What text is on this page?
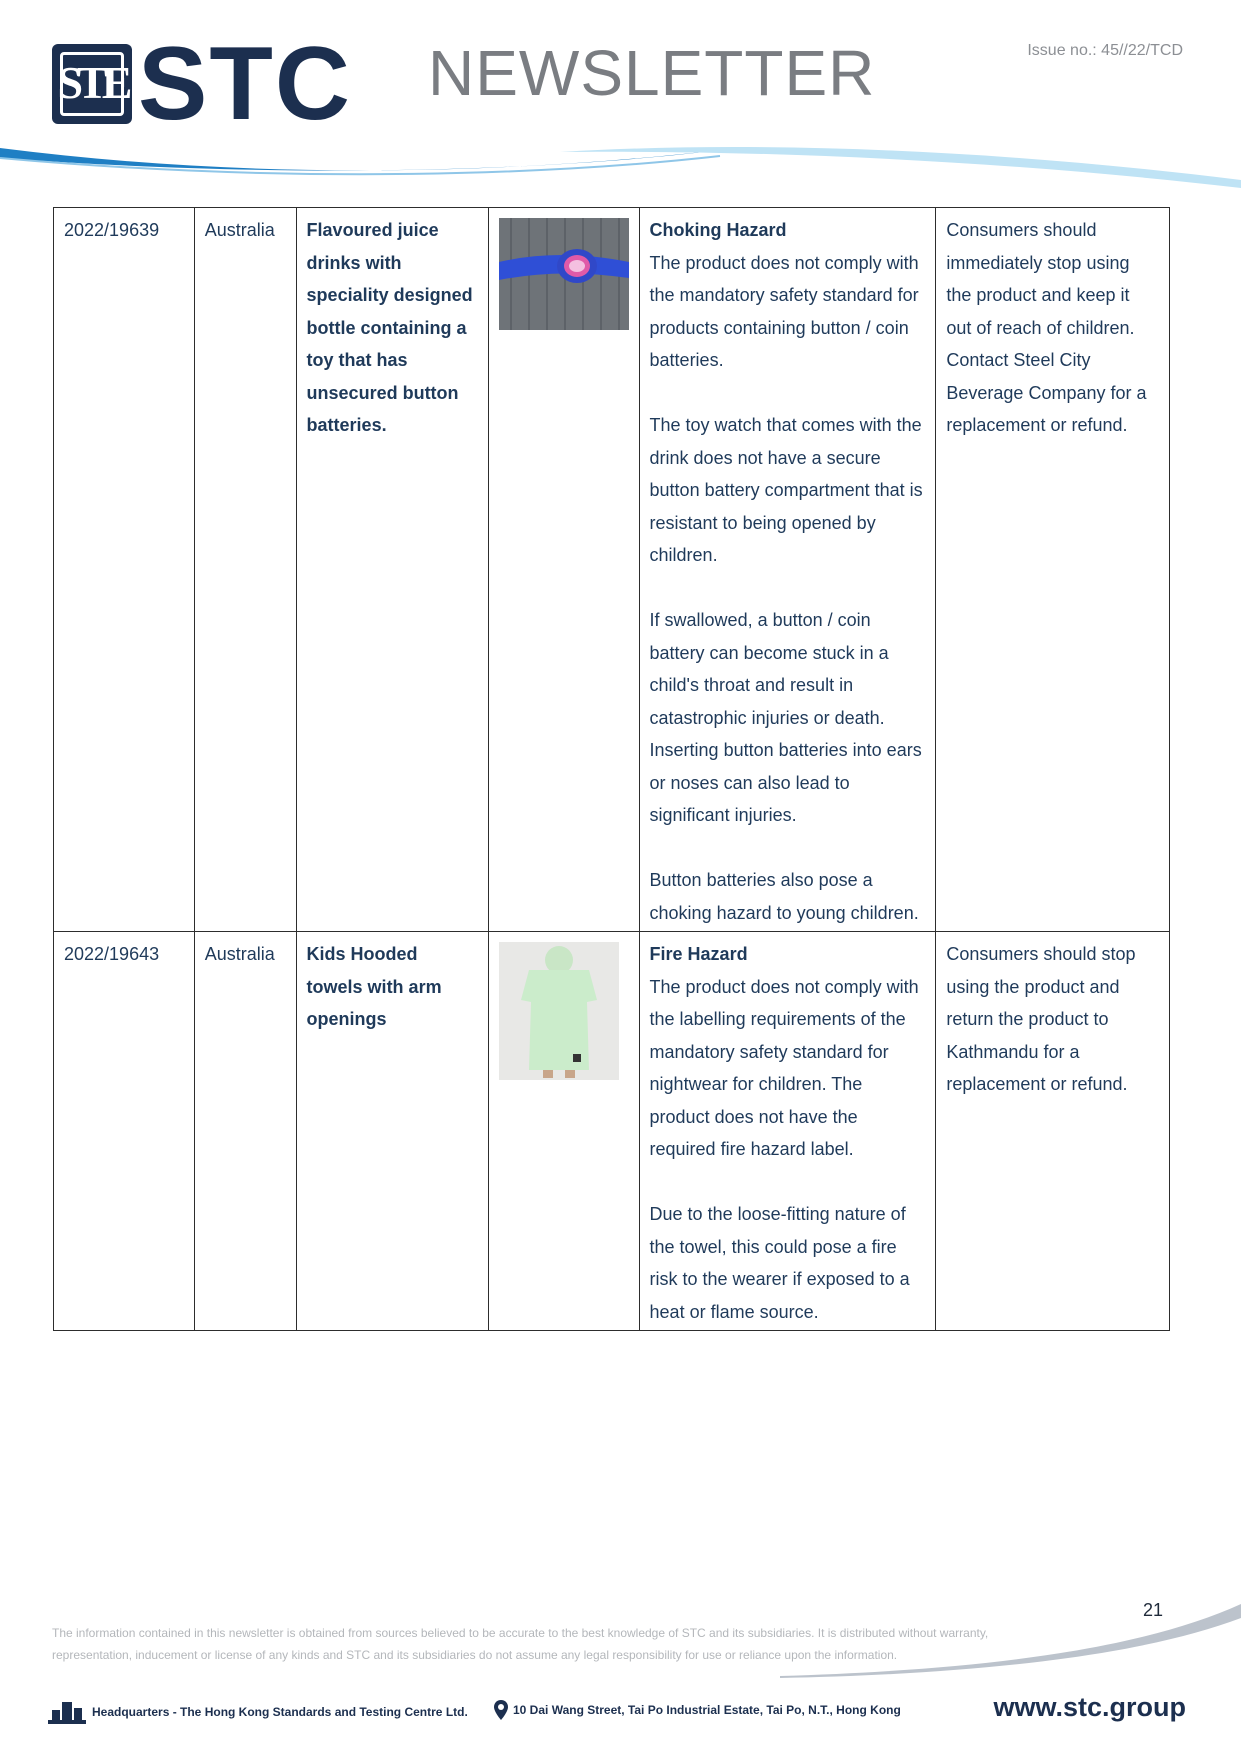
STE STC NEWSLETTER	Issue no.: 45//22/TCD
2022/19639	Australia	Flavoured juice drinks with speciality designed bottle containing a toy that has unsecured button batteries.		Choking Hazard
The product does not comply with the mandatory safety standard for products containing button / coin batteries.
The toy watch that comes with the drink does not have a secure button battery compartment that is resistant to being opened by children.
If swallowed, a button / coin battery can become stuck in a child's throat and result in catastrophic injuries or death. Inserting button batteries into ears or noses can also lead to significant injuries.
Button batteries also pose a choking hazard to young children.	Consumers should immediately stop using the product and keep it out of reach of children. Contact Steel City Beverage Company for a replacement or refund.
2022/19643	Australia	Kids Hooded towels with arm openings		Fire Hazard
The product does not comply with the labelling requirements of the mandatory safety standard for nightwear for children. The product does not have the required fire hazard label.
Due to the loose-fitting nature of the towel, this could pose a fire risk to the wearer if exposed to a heat or flame source.	Consumers should stop using the product and return the product to Kathmandu for a replacement or refund.
21
The information contained in this newsletter is obtained from sources believed to be accurate to the best knowledge of STC and its subsidiaries. It is distributed without warranty, representation, inducement or license of any kinds and STC and its subsidiaries do not assume any legal responsibility for use or reliance upon the information.
Headquarters - The Hong Kong Standards and Testing Centre Ltd.	10 Dai Wang Street, Tai Po Industrial Estate, Tai Po, N.T., Hong Kong	www.stc.group
